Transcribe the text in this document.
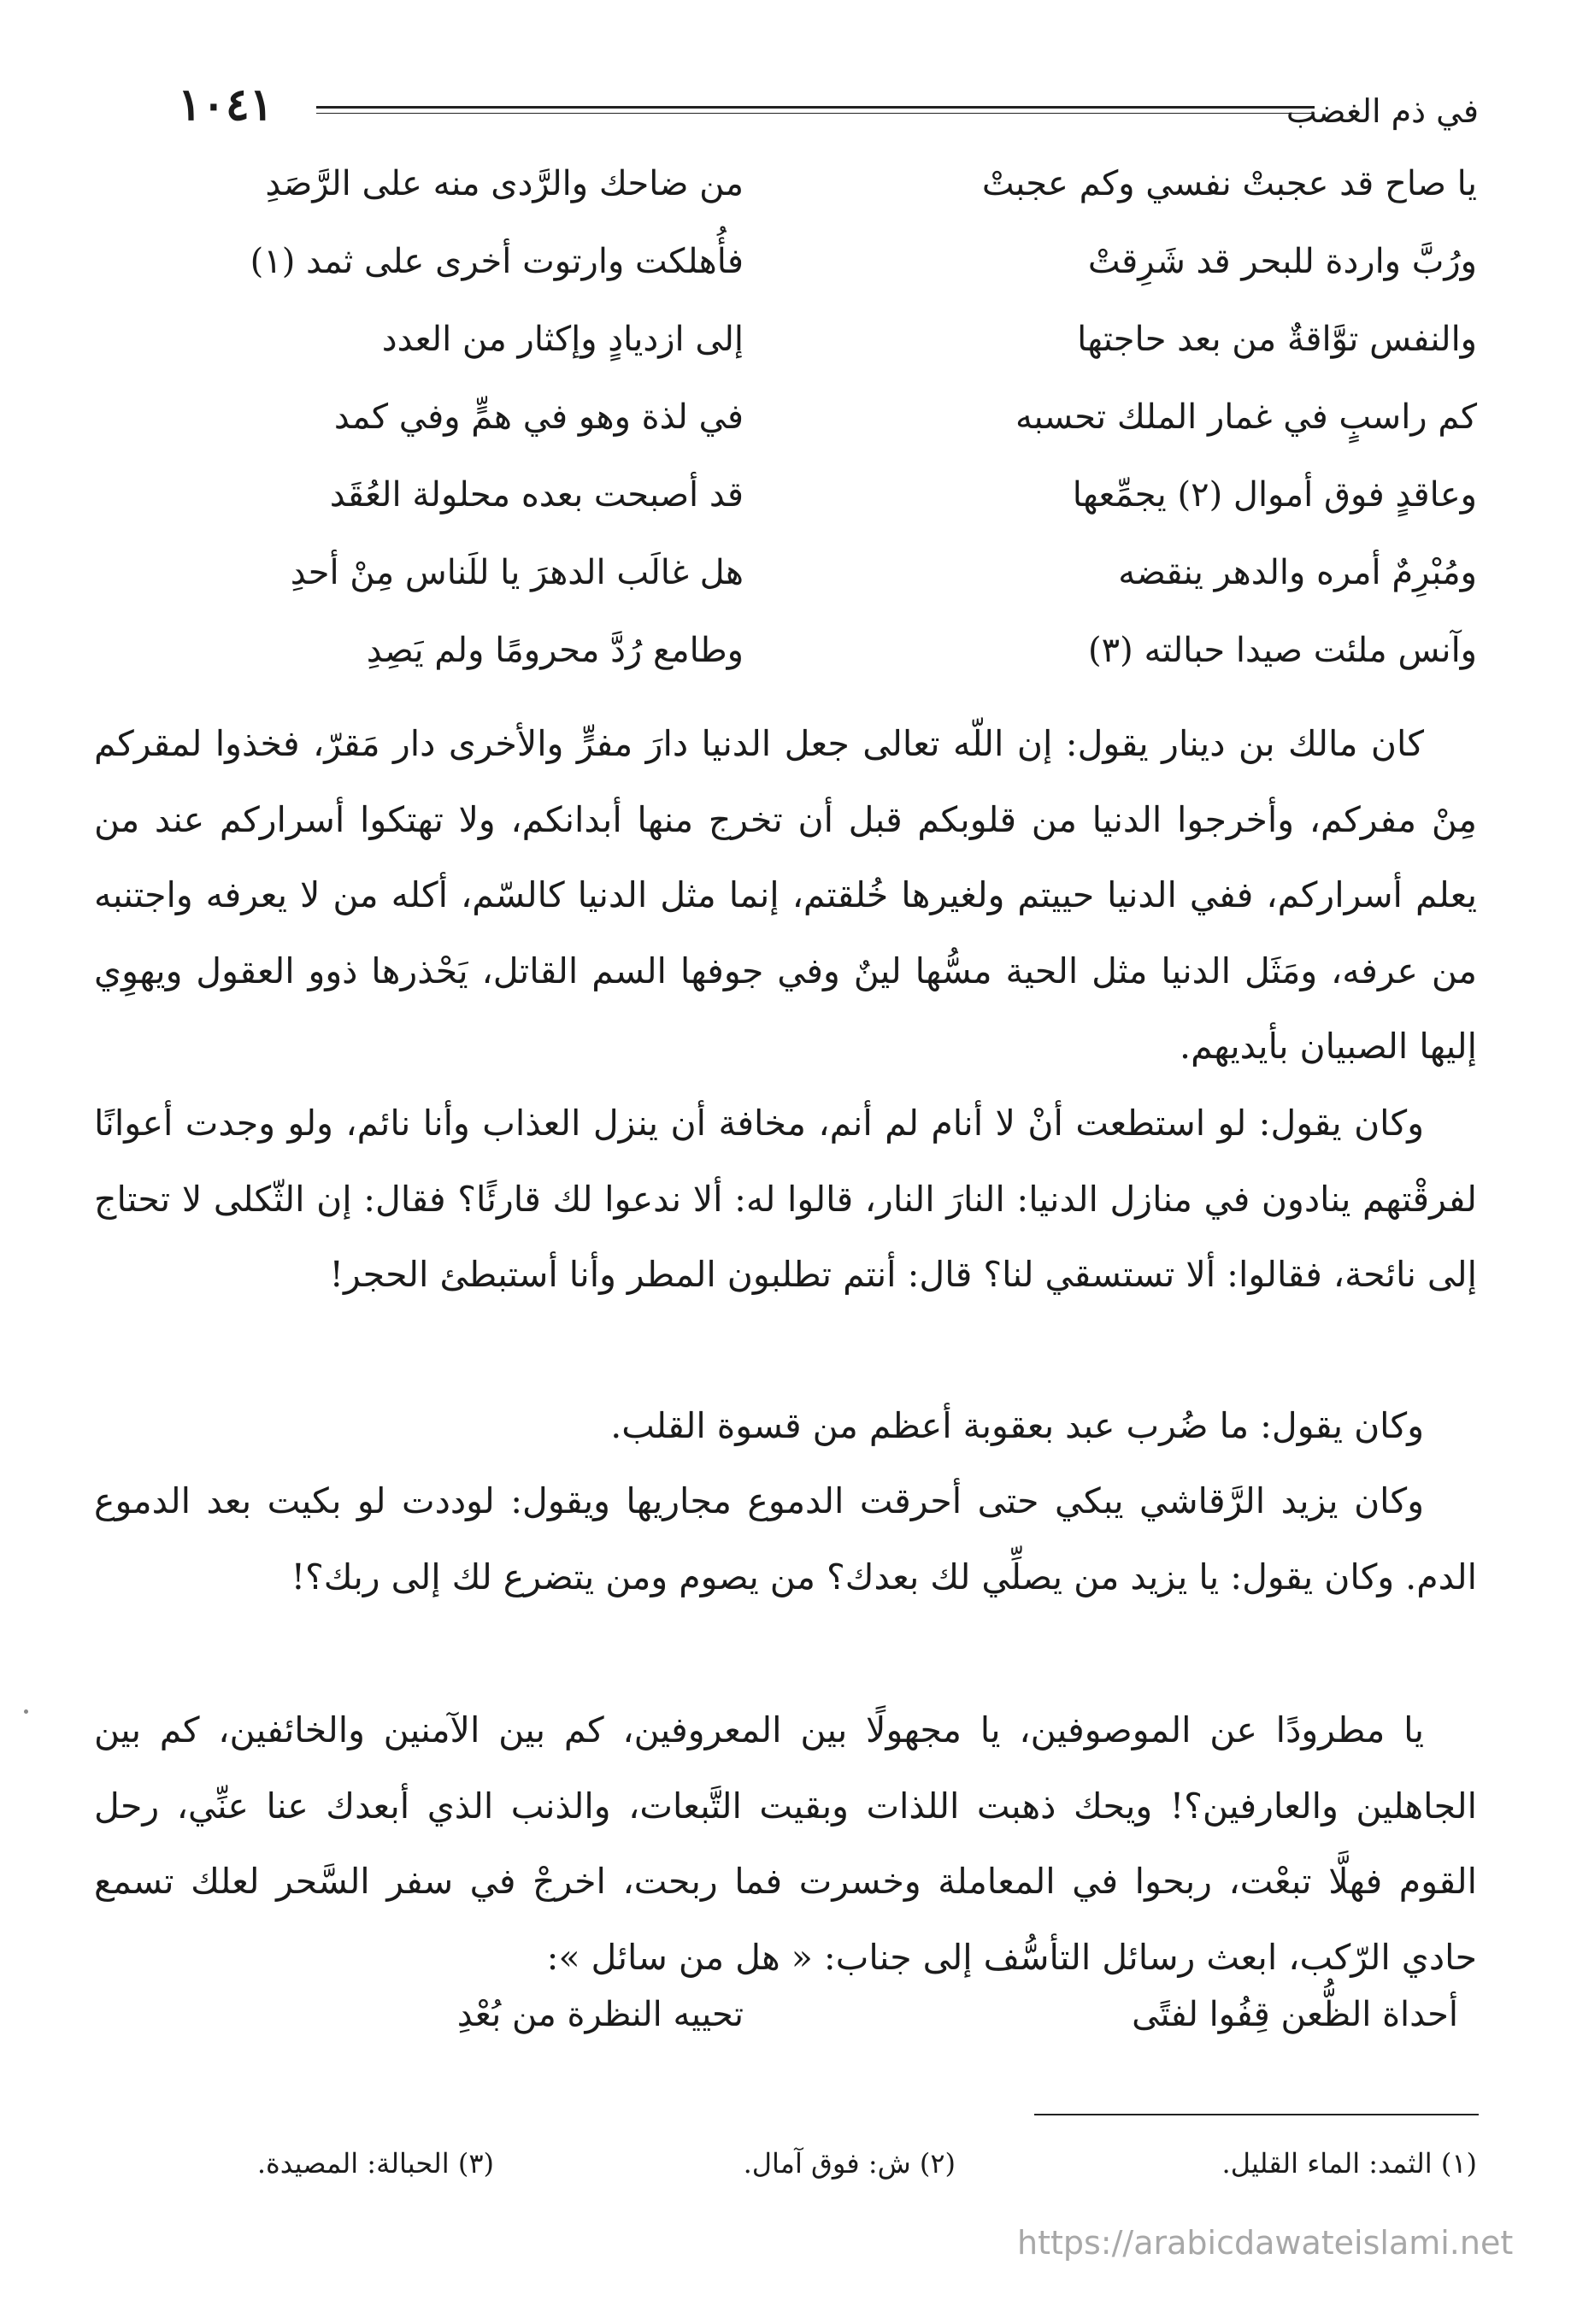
في ذم الغضب
١٠٤١
يا صاح قد عجبتْ نفسي وكم عجبتْ
من ضاحك والرَّدى منه على الرَّصَدِ
ورُبَّ واردة للبحر قد شَرِقتْ
فأُهلكت وارتوت أخرى على ثمد (١)
والنفس توَّاقةٌ من بعد حاجتها
إلى ازديادٍ وإكثار من العدد
كم راسبٍ في غمار الملك تحسبه
في لذة وهو في همٍّ وفي كمد
وعاقدٍ فوق أموال (٢) يجمِّعها
قد أصبحت بعده محلولة العُقَد
ومُبْرِمٌ أمره والدهر ينقضه
هل غالَب الدهرَ يا للَناس مِنْ أحدِ
وآنس ملئت صيدا حبالته (٣)
وطامع رُدَّ محرومًا ولم يَصِدِ

كان مالك بن دينار يقول: إن اللّه تعالى جعل الدنيا دارَ مفرٍّ والأخرى دار مَقرّ، فخذوا لمقركم مِنْ مفركم، وأخرجوا الدنيا من قلوبكم قبل أن تخرج منها أبدانكم، ولا تهتكوا أسراركم عند من يعلم أسراركم، ففي الدنيا حييتم ولغيرها خُلقتم، إنما مثل الدنيا كالسّم، أكله من لا يعرفه واجتنبه من عرفه، ومَثَل الدنيا مثل الحية مسُّها لينٌ وفي جوفها السم القاتل، يَحْذرها ذوو العقول ويهوِي إليها الصبيان بأيديهم.

وكان يقول: لو استطعت أنْ لا أنام لم أنم، مخافة أن ينزل العذاب وأنا نائم، ولو وجدت أعوانًا لفرقْتهم ينادون في منازل الدنيا: النارَ النار، قالوا له: ألا ندعوا لك قارئًا؟ فقال: إن الثّكلى لا تحتاج إلى نائحة، فقالوا: ألا تستسقي لنا؟ قال: أنتم تطلبون المطر وأنا أستبطئ الحجر!

وكان يقول: ما ضُرب عبد بعقوبة أعظم من قسوة القلب.

وكان يزيد الرَّقاشي يبكي حتى أحرقت الدموع مجاريها ويقول: لوددت لو بكيت بعد الدموع الدم. وكان يقول: يا يزيد من يصلِّي لك بعدك؟ من يصوم ومن يتضرع لك إلى ربك؟!

يا مطرودًا عن الموصوفين، يا مجهولًا بين المعروفين، كم بين الآمنين والخائفين، كم بين الجاهلين والعارفين؟! ويحك ذهبت اللذات وبقيت التَّبعات، والذنب الذي أبعدك عنا عنِّي، رحل القوم فهلَّا تبعْت، ربحوا في المعاملة وخسرت فما ربحت، اخرجْ في سفر السَّحر لعلك تسمع حادي الرّكب، ابعث رسائل التأسُّف إلى جناب: « هل من سائل »:

أحداة الظُّعن قِفُوا لفتًى
تحييه النظرة من بُعْدِ
(١) الثمد: الماء القليل.
(٢) ش: فوق آمال.
(٣) الحبالة: المصيدة.
https://arabicdawateislami.net
